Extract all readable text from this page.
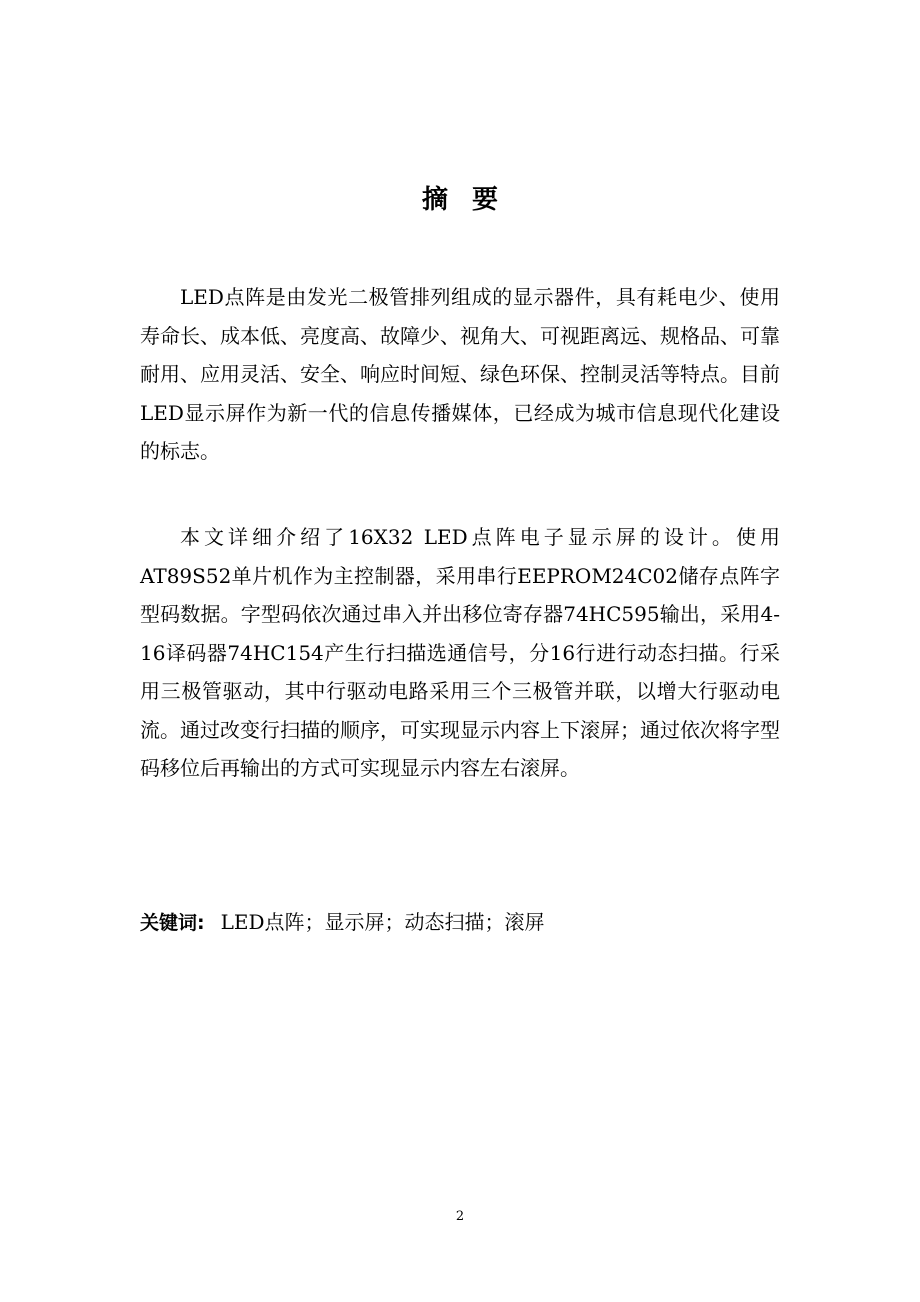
摘要

LED点阵是由发光二极管排列组成的显示器件，具有耗电少、使用寿命长、成本低、亮度高、故障少、视角大、可视距离远、规格品、可靠耐用、应用灵活、安全、响应时间短、绿色环保、控制灵活等特点。目前LED显示屏作为新一代的信息传播媒体，已经成为城市信息现代化建设的标志。

本文详细介绍了16X32 LED点阵电子显示屏的设计。使用AT89S52单片机作为主控制器，采用串行EEPROM24C02储存点阵字型码数据。字型码依次通过串入并出移位寄存器74HC595输出，采用4-16译码器74HC154产生行扫描选通信号，分16行进行动态扫描。行采用三极管驱动，其中行驱动电路采用三个三极管并联，以增大行驱动电流。通过改变行扫描的顺序，可实现显示内容上下滚屏；通过依次将字型码移位后再输出的方式可实现显示内容左右滚屏。

关键词: LED点阵；显示屏；动态扫描；滚屏
2
